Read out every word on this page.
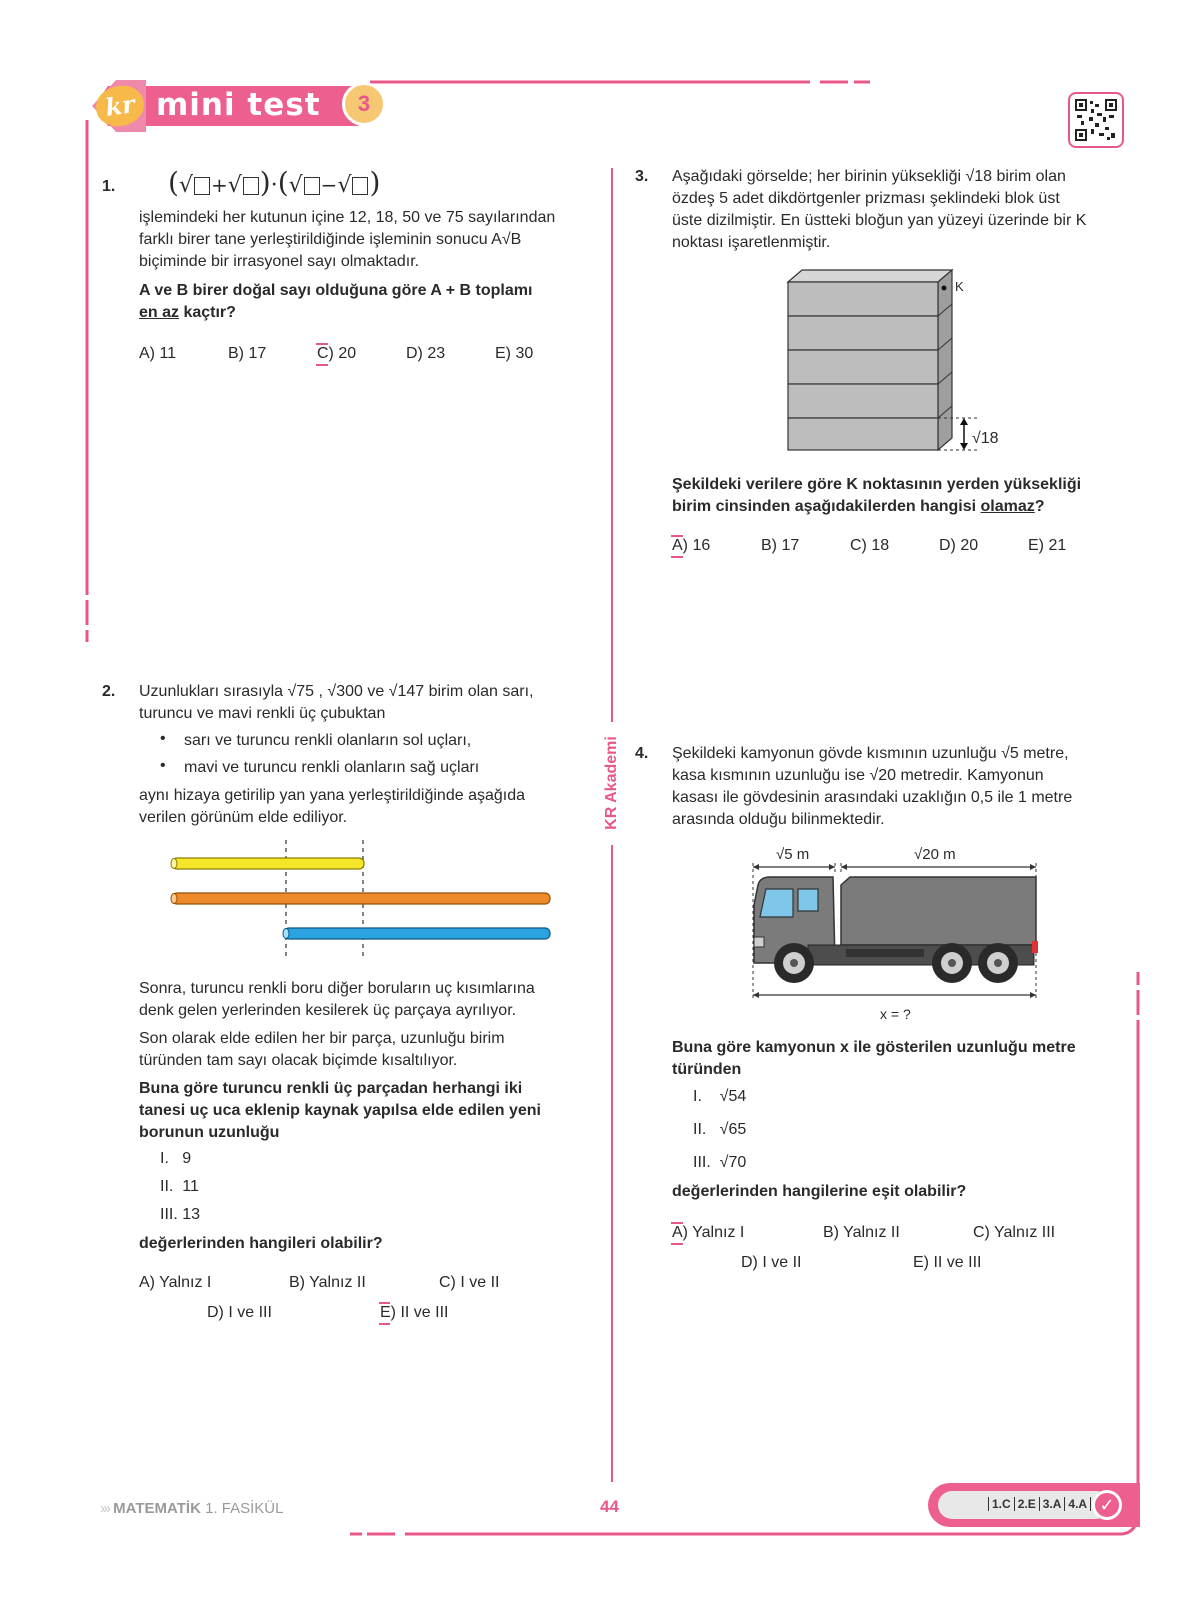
kr mini test	3
KR Akademi
1. (√ +√ )·(√ −√ )
işlemindeki her kutunun içine 12, 18, 50 ve 75 sayılarından
farklı birer tane yerleştirildiğinde işleminin sonucu A√B
biçiminde bir irrasyonel sayı olmaktadır.
A ve B birer doğal sayı olduğuna göre A + B toplamı
en az kaçtır?
A) 11	B) 17	C) 20	D) 23	E) 30
2. Uzunlukları sırasıyla √75 , √300 ve √147 birim olan sarı,
turuncu ve mavi renkli üç çubuktan
• sarı ve turuncu renkli olanların sol uçları,
• mavi ve turuncu renkli olanların sağ uçları
aynı hizaya getirilip yan yana yerleştirildiğinde aşağıda
verilen görünüm elde ediliyor.
Sonra, turuncu renkli boru diğer boruların uç kısımlarına
denk gelen yerlerinden kesilerek üç parçaya ayrılıyor.
Son olarak elde edilen her bir parça, uzunluğu birim
türünden tam sayı olacak biçimde kısaltılıyor.
Buna göre turuncu renkli üç parçadan herhangi iki
tanesi uç uca eklenip kaynak yapılsa elde edilen yeni
borunun uzunluğu
I.   9
II.  11
III. 13
değerlerinden hangileri olabilir?
A) Yalnız I	B) Yalnız II	C) I ve II
D) I ve III	E) II ve III
3. Aşağıdaki görselde; her birinin yüksekliği √18 birim olan
özdeş 5 adet dikdörtgenler prizması şeklindeki blok üst
üste dizilmiştir. En üstteki bloğun yan yüzeyi üzerinde bir K
noktası işaretlenmiştir.
K
√18
Şekildeki verilere göre K noktasının yerden yüksekliği
birim cinsinden aşağıdakilerden hangisi olamaz?
A) 16	B) 17	C) 18	D) 20	E) 21
4. Şekildeki kamyonun gövde kısmının uzunluğu √5 metre,
kasa kısmının uzunluğu ise √20 metredir. Kamyonun
kasası ile gövdesinin arasındaki uzaklığın 0,5 ile 1 metre
arasında olduğu bilinmektedir.
√5 m	√20 m
x = ?
Buna göre kamyonun x ile gösterilen uzunluğu metre
türünden
I.    √54
II.   √65
III.  √70
değerlerinden hangilerine eşit olabilir?
A) Yalnız I	B) Yalnız II	C) Yalnız III
D) I ve II	E) II ve III
››› MATEMATİK 1. FASİKÜL	44	1.C 2.E 3.A 4.A ✓
